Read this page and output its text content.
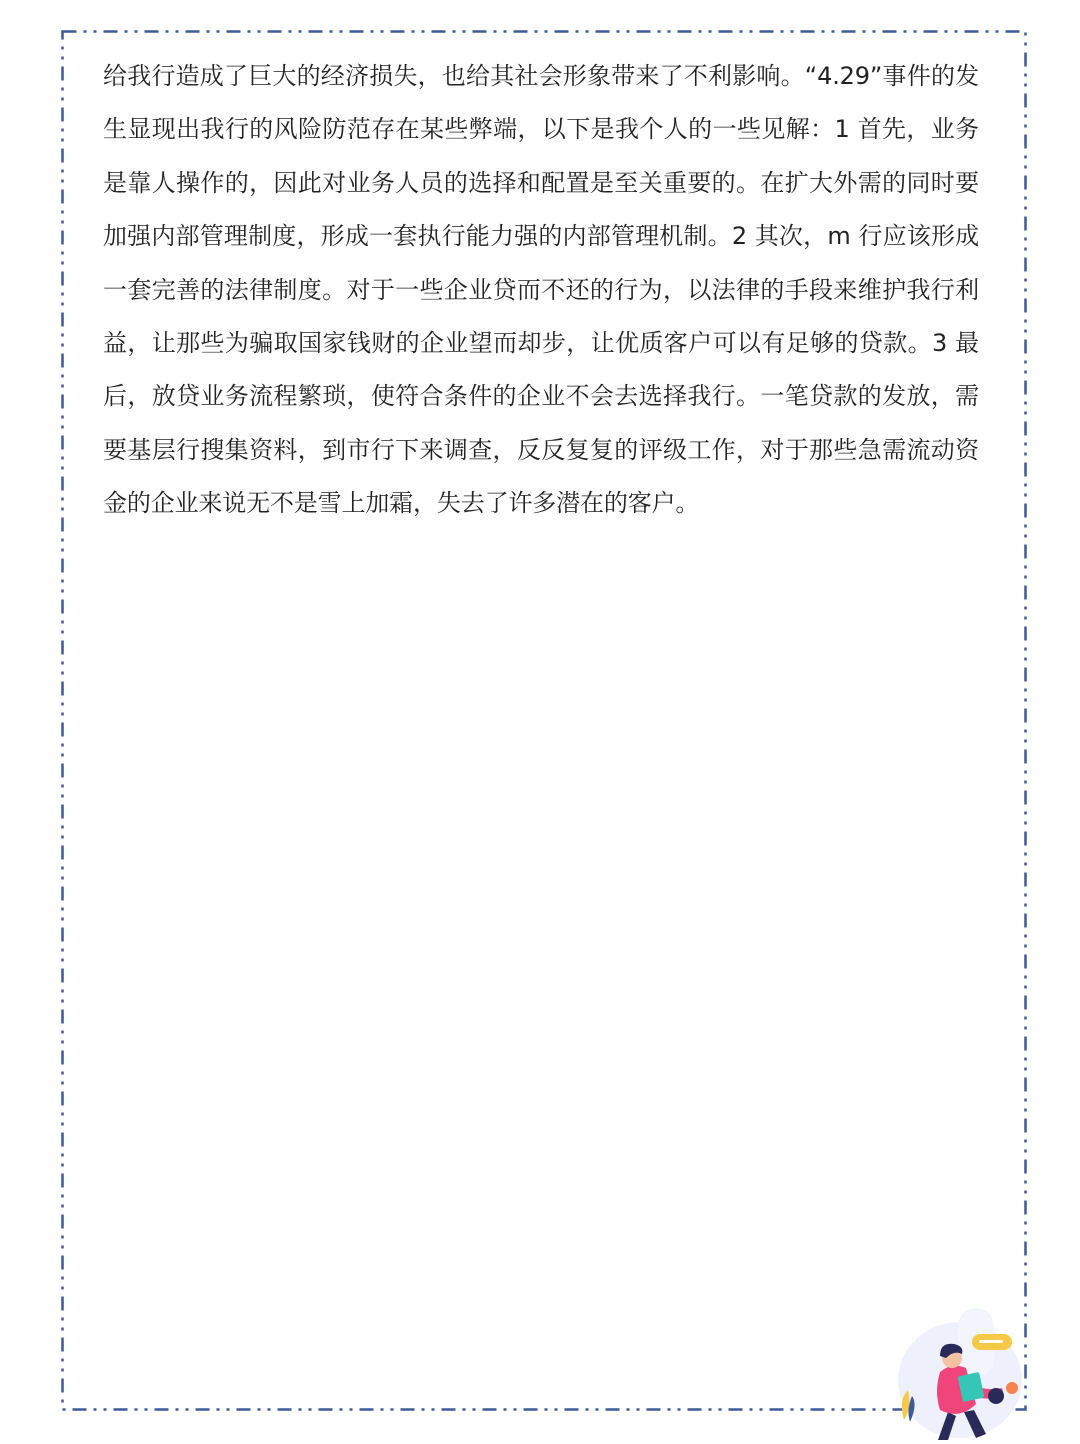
给我行造成了巨大的经济损失，也给其社会形象带来了不利影响。“4.29”事件的发生显现出我行的风险防范存在某些弊端，以下是我个人的一些见解：1 首先，业务是靠人操作的，因此对业务人员的选择和配置是至关重要的。在扩大外需的同时要加强内部管理制度，形成一套执行能力强的内部管理机制。2 其次，m 行应该形成一套完善的法律制度。对于一些企业贷而不还的行为，以法律的手段来维护我行利益，让那些为骗取国家钱财的企业望而却步，让优质客户可以有足够的贷款。3 最后，放贷业务流程繁琐，使符合条件的企业不会去选择我行。一笔贷款的发放，需要基层行搜集资料，到市行下来调查，反反复复的评级工作，对于那些急需流动资金的企业来说无不是雪上加霜，失去了许多潜在的客户。
